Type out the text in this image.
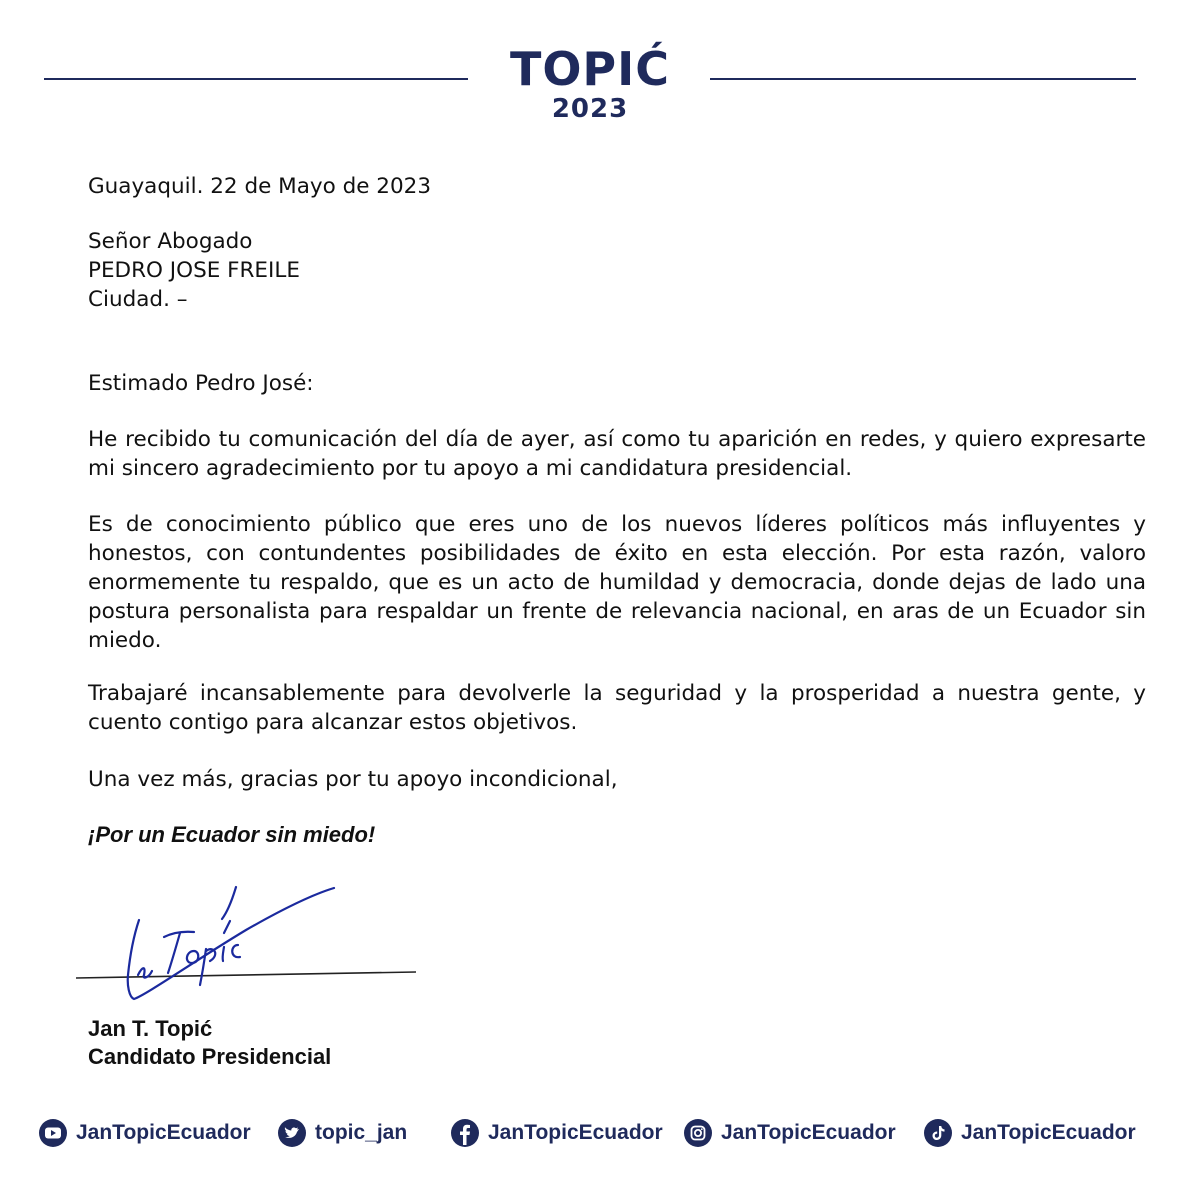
TOPIĆ
2023
Guayaquil. 22 de Mayo de 2023

Señor Abogado

PEDRO JOSE FREILE

Ciudad. –

Estimado Pedro José:
He recibido tu comunicación del día de ayer, así como tu aparición en redes, y quiero expresarte mi sincero agradecimiento por tu apoyo a mi candidatura presidencial.
Es de conocimiento público que eres uno de los nuevos líderes políticos más influyentes y honestos, con contundentes posibilidades de éxito en esta elección. Por esta razón, valoro enormemente tu respaldo, que es un acto de humildad y democracia, donde dejas de lado una postura personalista para respaldar un frente de relevancia nacional, en aras de un Ecuador sin miedo.
Trabajaré incansablemente para devolverle la seguridad y la prosperidad a nuestra gente, y cuento contigo para alcanzar estos objetivos.
Una vez más, gracias por tu apoyo incondicional,
¡Por un Ecuador sin miedo!
Jan T. Topić
Candidato Presidencial
JanTopicEcuador	topic_jan	JanTopicEcuador	JanTopicEcuador	JanTopicEcuador
